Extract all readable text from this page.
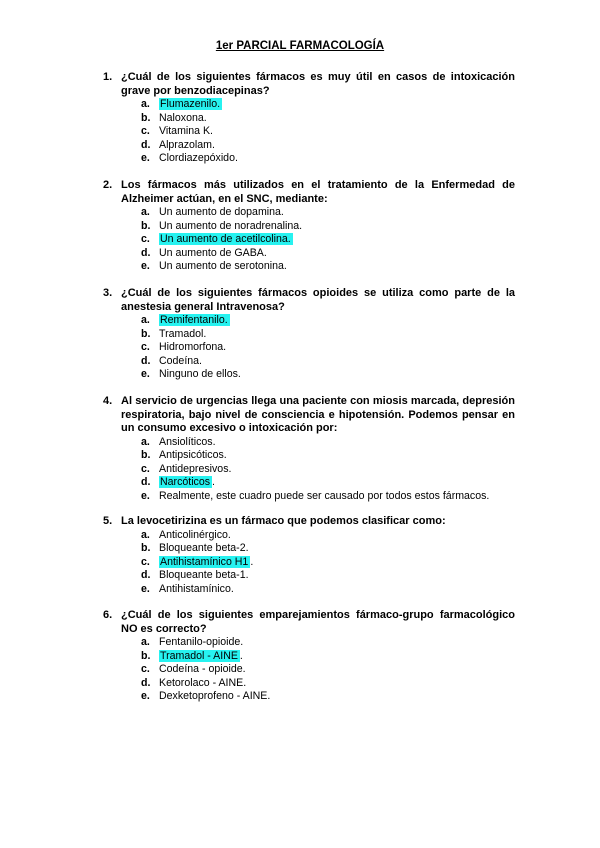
1er PARCIAL FARMACOLOGÍA
1. ¿Cuál de los siguientes fármacos es muy útil en casos de intoxicación grave por benzodiacepinas?
a. Flumazenilo.
b. Naloxona.
c. Vitamina K.
d. Alprazolam.
e. Clordiazepóxido.
2. Los fármacos más utilizados en el tratamiento de la Enfermedad de Alzheimer actúan, en el SNC, mediante:
a. Un aumento de dopamina.
b. Un aumento de noradrenalina.
c. Un aumento de acetilcolina.
d. Un aumento de GABA.
e. Un aumento de serotonina.
3. ¿Cuál de los siguientes fármacos opioides se utiliza como parte de la anestesia general Intravenosa?
a. Remifentanilo.
b. Tramadol.
c. Hidromorfona.
d. Codeína.
e. Ninguno de ellos.
4. Al servicio de urgencias llega una paciente con miosis marcada, depresión respiratoria, bajo nivel de consciencia e hipotensión. Podemos pensar en un consumo excesivo o intoxicación por:
a. Ansiolíticos.
b. Antipsicóticos.
c. Antidepresivos.
d. Narcóticos .
e. Realmente, este cuadro puede ser causado por todos estos fármacos.
5. La levocetirizina es un fármaco que podemos clasificar como:
a. Anticolinérgico.
b. Bloqueante beta-2.
c. Antihistamínico H1 .
d. Bloqueante beta-1.
e. Antihistamínico.
6. ¿Cuál de los siguientes emparejamientos fármaco-grupo farmacológico NO es correcto?
a. Fentanilo-opioide.
b. Tramadol - AINE .
c. Codeína - opioide.
d. Ketorolaco - AINE.
e. Dexketoprofeno - AINE.
